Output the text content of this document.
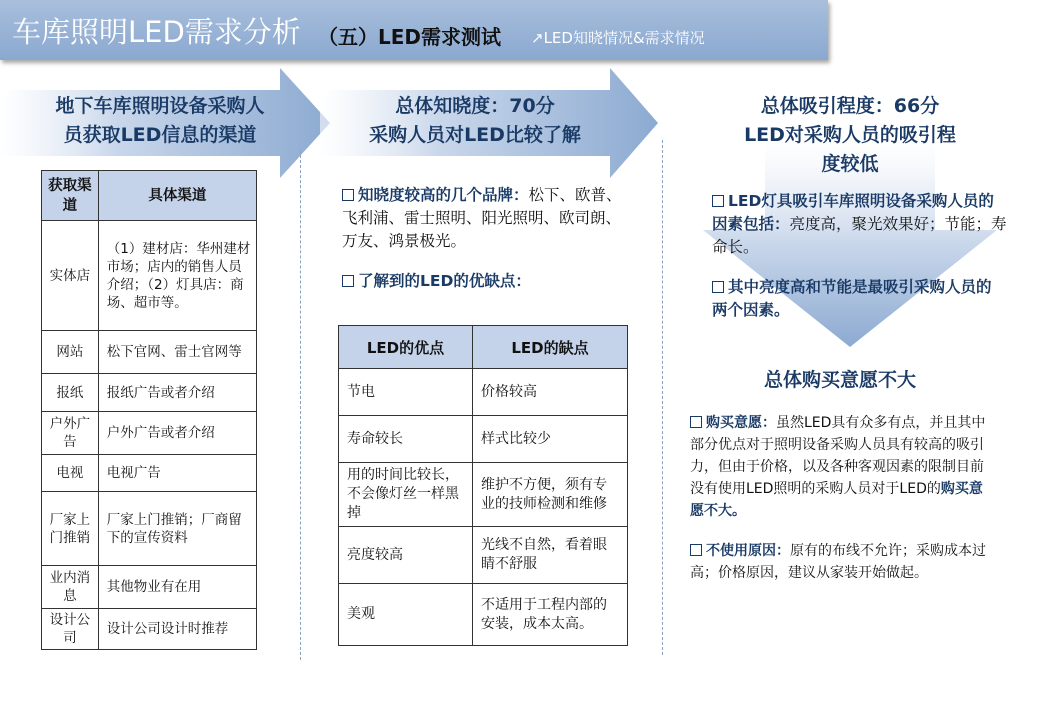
车库照明LED需求分析 （五）LED需求测试 ↗LED知晓情况&需求情况
地下车库照明设备采购人
员获取LED信息的渠道
获取渠道	具体渠道
实体店	（1）建材店：华州建材市场；店内的销售人员介绍；（2）灯具店：商场、超市等。
网站	松下官网、雷士官网等
报纸	报纸广告或者介绍
户外广告	户外广告或者介绍
电视	电视广告
厂家上门推销	厂家上门推销；厂商留下的宣传资料
业内消息	其他物业有在用
设计公司	设计公司设计时推荐
总体知晓度：70分
采购人员对LED比较了解
知晓度较高的几个品牌：松下、欧普、飞利浦、雷士照明、阳光照明、欧司朗、万友、鸿景极光。
了解到的LED的优缺点：
LED的优点	LED的缺点
节电	价格较高
寿命较长	样式比较少
用的时间比较长，不会像灯丝一样黑掉	维护不方便，须有专业的技师检测和维修
亮度较高	光线不自然，看着眼睛不舒服
美观	不适用于工程内部的安装，成本太高。
总体吸引程度：66分
LED对采购人员的吸引程
度较低
LED灯具吸引车库照明设备采购人员的因素包括：亮度高，聚光效果好；节能；寿命长。
其中亮度高和节能是最吸引采购人员的两个因素。
总体购买意愿不大
购买意愿：虽然LED具有众多有点，并且其中部分优点对于照明设备采购人员具有较高的吸引力，但由于价格，以及各种客观因素的限制目前没有使用LED照明的采购人员对于LED的购买意愿不大。
不使用原因：原有的布线不允许；采购成本过高；价格原因，建议从家装开始做起。
